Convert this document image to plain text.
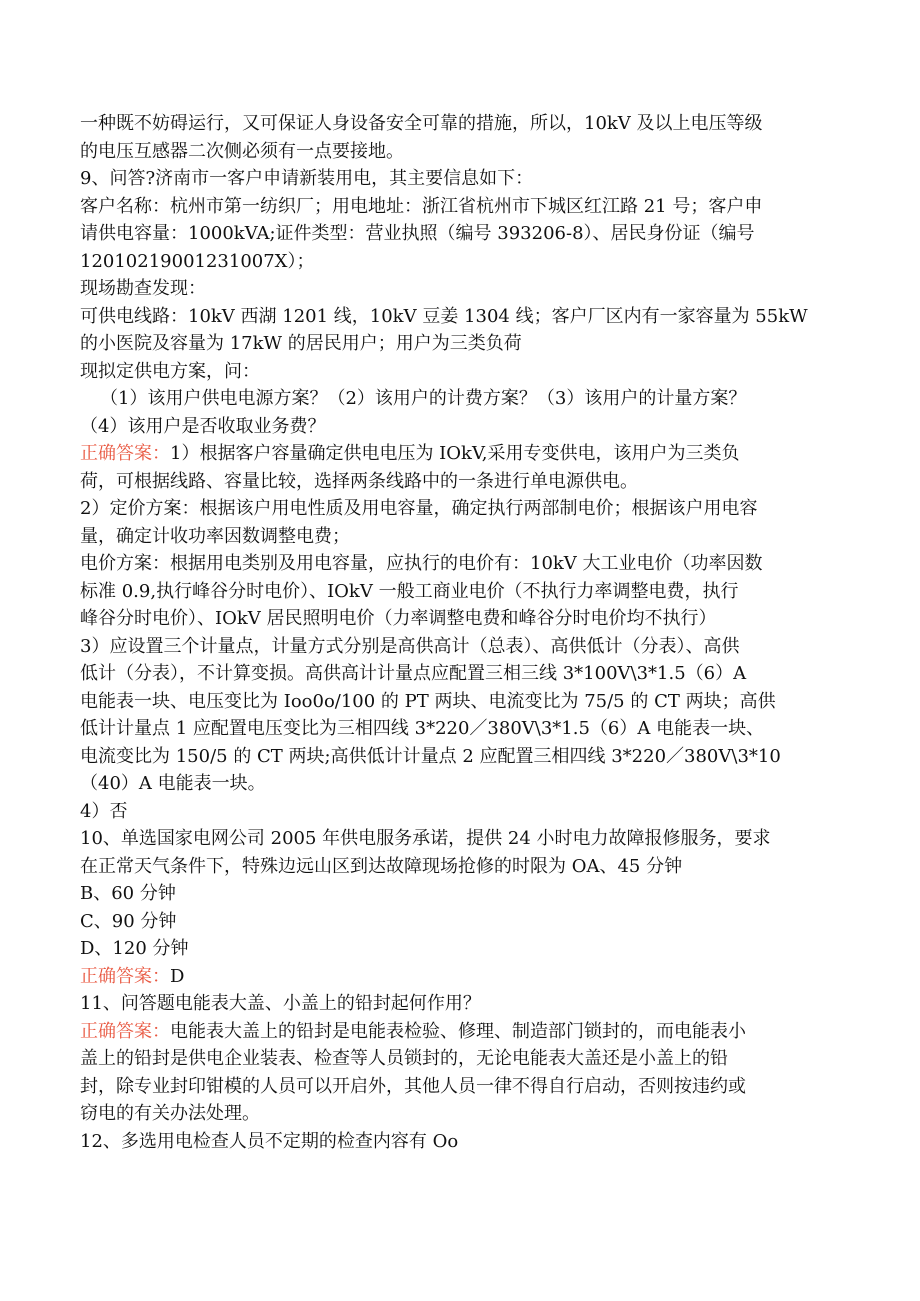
一种既不妨碍运行，又可保证人身设备安全可靠的措施，所以，10kV 及以上电压等级
的电压互感器二次侧必须有一点要接地。
9、问答?济南市一客户申请新装用电，其主要信息如下：
客户名称：杭州市第一纺织厂；用电地址：浙江省杭州市下城区红江路 21 号；客户申
请供电容量：1000kVA;证件类型：营业执照（编号 393206-8）、居民身份证（编号
1201021900123100​7X）；
现场勘查发现：
可供电线路：10kV 西湖 1201 线，10kV 豆姜 1304 线；客户厂区内有一家容量为 55kW
的小医院及容量为 17kW 的居民用户；用户为三类负荷
现拟定供电方案，问：
（1）该用户供电电源方案？（2）该用户的计费方案？（3）该用户的计量方案？
（4）该用户是否收取业务费？
正确答案：1）根据客户容量确定供电电压为 IOkV,采用专变供电，该用户为三类负
荷，可根据线路、容量比较，选择两条线路中的一条进行单电源供电。
2）定价方案：根据该户用电性质及用电容量，确定执行两部制电价；根据该户用电容
量，确定计收功率因数调整电费；
电价方案：根据用电类别及用电容量，应执行的电价有：10kV 大工业电价（功率因数
标准 0.9,执行峰谷分时电价）、IOkV 一般工商业电价（不执行力率调整电费，执行
峰谷分时电价）、IOkV 居民照明电价（力率调整电费和峰谷分时电价均不执行）
3）应设置三个计量点，计量方式分别是高供高计（总表）、高供低计（分表）、高供
低计（分表），不计算变损。高供高计计量点应配置三相三线 3*100V\3*1.5（6）A
电能表一块、电压变比为 Ioo0o/100 的 PT 两块、电流变比为 75/5 的 CT 两块；高供
低计计量点 1 应配置电压变比为三相四线 3*220／380V\3*1.5（6）A 电能表一块、
电流变比为 150/5 的 CT 两块;高供低计计量点 2 应配置三相四线 3*220／380V\3*10
（40）A 电能表一块。
4）否
10、单选国家电网公司 2005 年供电服务承诺，提供 24 小时电力故障报修服务，要求
在正常天气条件下，特殊边远山区到达故障现场抢修的时限为 OA、45 分钟
B、60 分钟
C、90 分钟
D、120 分钟
正确答案：D
11、问答题电能表大盖、小盖上的铅封起何作用？
正确答案：电能表大盖上的铅封是电能表检验、修理、制造部门锁封的，而电能表小
盖上的铅封是供电企业装表、检查等人员锁封的，无论电能表大盖还是小盖上的铅
封，除专业封印钳模的人员可以开启外，其他人员一律不得自行启动，否则按违约或
窃电的有关办法处理。
12、多选用电检查人员不定期的检查内容有 Oo
